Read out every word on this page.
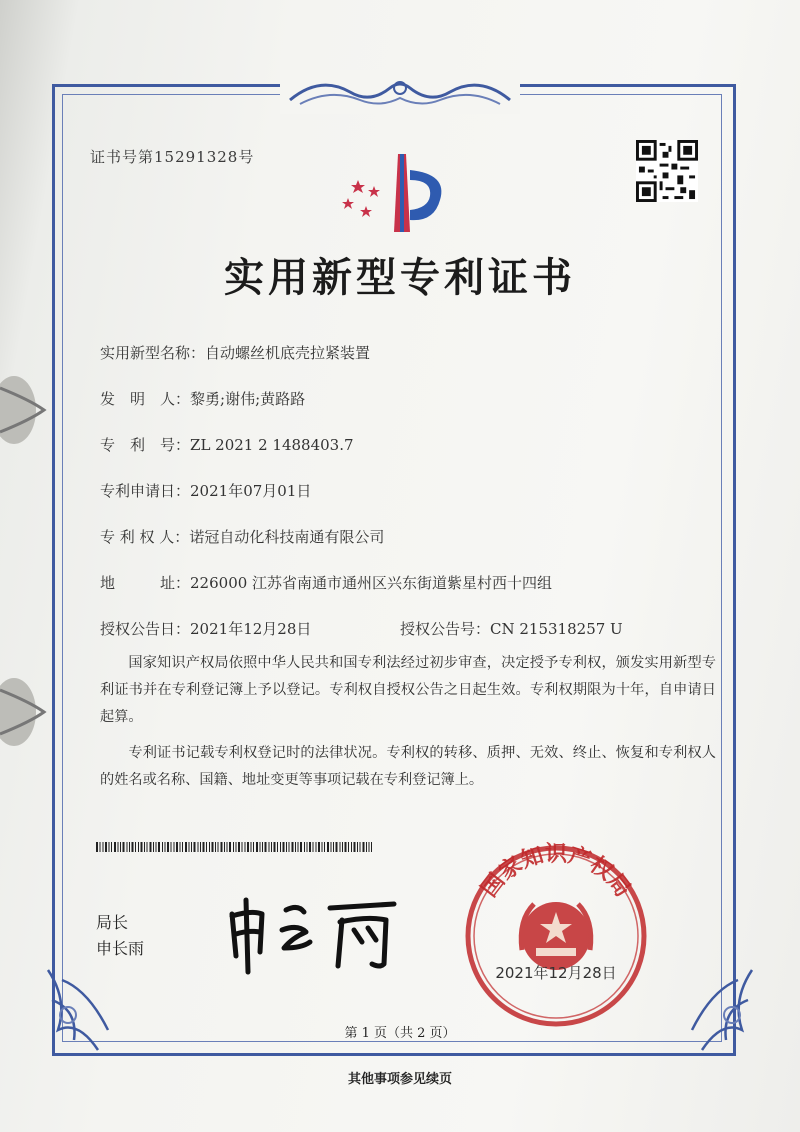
证书号第15291328号
实用新型专利证书
实用新型名称：自动螺丝机底壳拉紧装置
发　明　人：黎勇;谢伟;黄路路
专　利　号：ZL 2021 2 1488403.7
专利申请日：2021年07月01日
专 利 权 人：诺冠自动化科技南通有限公司
地　　　址：226000 江苏省南通市通州区兴东街道紫星村西十四组
授权公告日：2021年12月28日	授权公告号：CN 215318257 U
国家知识产权局依照中华人民共和国专利法经过初步审查，决定授予专利权，颁发实用新型专利证书并在专利登记簿上予以登记。专利权自授权公告之日起生效。专利权期限为十年，自申请日起算。
专利证书记载专利权登记时的法律状况。专利权的转移、质押、无效、终止、恢复和专利权人的姓名或名称、国籍、地址变更等事项记载在专利登记簿上。
局长
申长雨
国家知识产权局
2021年12月28日
第 1 页（共 2 页）
其他事项参见续页
